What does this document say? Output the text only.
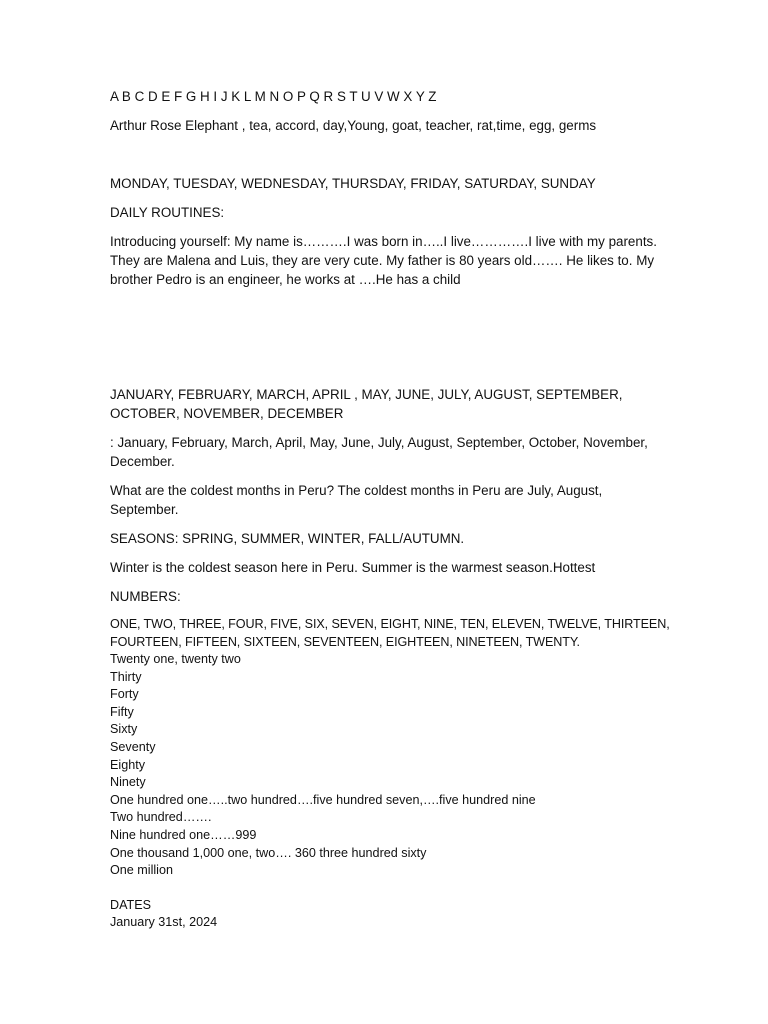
A B C D E F G H I J K L M N O P Q R S T U V W X Y Z

Arthur Rose Elephant , tea, accord, day,Young, goat, teacher, rat,time, egg, germs

MONDAY, TUESDAY, WEDNESDAY, THURSDAY, FRIDAY, SATURDAY, SUNDAY

DAILY ROUTINES:

Introducing yourself: My name is……….I was born in…..I live………….I live with my parents. They are Malena and Luis, they are very cute. My father is 80 years old……. He likes to. My brother Pedro is an engineer, he works at ….He has a child

JANUARY, FEBRUARY, MARCH, APRIL , MAY, JUNE, JULY, AUGUST, SEPTEMBER, OCTOBER, NOVEMBER, DECEMBER

: January, February, March, April, May, June, July, August, September, October, November, December.

What are the coldest months in Peru? The coldest months in Peru are July, August, September.

SEASONS: SPRING, SUMMER, WINTER, FALL/AUTUMN.

Winter is the coldest season here in Peru. Summer is the warmest season.Hottest

NUMBERS:

ONE, TWO, THREE, FOUR, FIVE, SIX, SEVEN, EIGHT, NINE, TEN, ELEVEN, TWELVE, THIRTEEN, FOURTEEN, FIFTEEN, SIXTEEN, SEVENTEEN, EIGHTEEN, NINETEEN, TWENTY.

Twenty one, twenty two
Thirty
Forty
Fifty
Sixty
Seventy
Eighty
Ninety
One hundred one…..two hundred….five hundred seven,….five hundred nine
Two hundred…….
Nine hundred one……999
One thousand 1,000 one, two…. 360 three hundred sixty
One million
DATES
January 31st, 2024
